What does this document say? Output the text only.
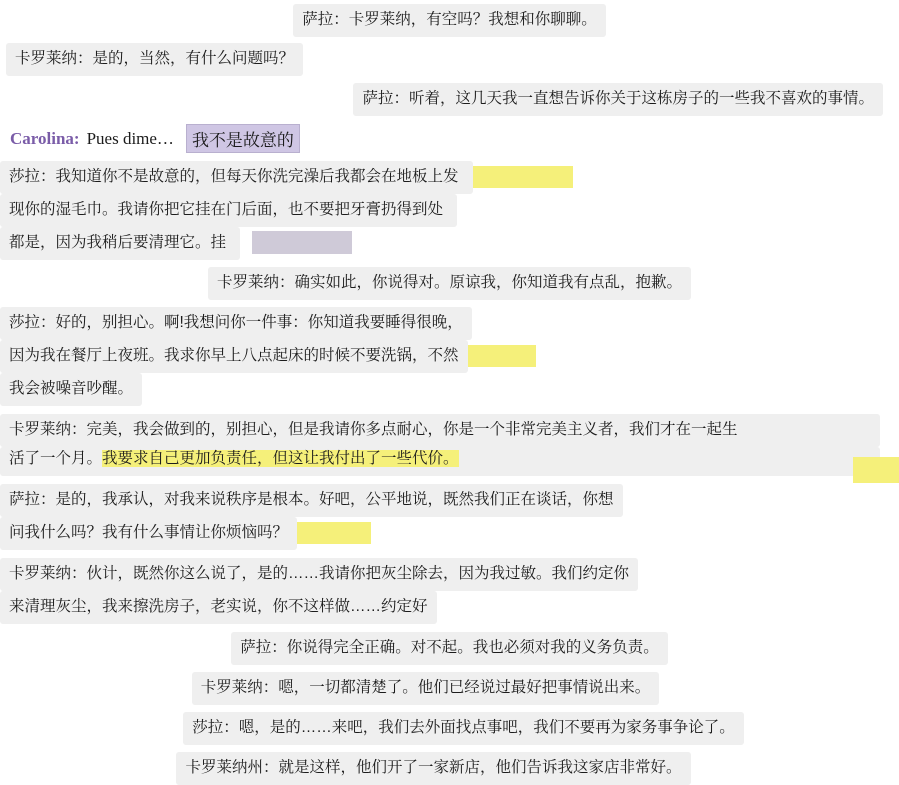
萨拉：卡罗莱纳，有空吗？我想和你聊聊。
卡罗莱纳：是的，当然，有什么问题吗？
萨拉：听着，这几天我一直想告诉你关于这栋房子的一些我不喜欢的事情。
Carolina: Pues dime…	我不是故意的
莎拉：我知道你不是故意的，但每天你洗完澡后我都会在地板上发
现你的湿毛巾。我请你把它挂在门后面，也不要把牙膏扔得到处
都是，因为我稍后要清理它。挂
卡罗莱纳：确实如此，你说得对。原谅我，你知道我有点乱，抱歉。
莎拉：好的，别担心。啊!我想问你一件事：你知道我要睡得很晚，
因为我在餐厅上夜班。我求你早上八点起床的时候不要洗锅，不然
我会被噪音吵醒。
卡罗莱纳：完美，我会做到的，别担心，但是我请你多点耐心，你是一个非常完美主义者，我们才在一起生
活了一个月。我要求自己更加负责任，但这让我付出了一些代价。
萨拉：是的，我承认，对我来说秩序是根本。好吧，公平地说，既然我们正在谈话，你想
问我什么吗？我有什么事情让你烦恼吗？
卡罗莱纳：伙计，既然你这么说了，是的……我请你把灰尘除去，因为我过敏。我们约定你
来清理灰尘，我来擦洗房子，老实说，你不这样做……约定好
萨拉：你说得完全正确。对不起。我也必须对我的义务负责。
卡罗莱纳：嗯，一切都清楚了。他们已经说过最好把事情说出来。
莎拉：嗯，是的……来吧，我们去外面找点事吧，我们不要再为家务事争论了。
卡罗莱纳州：就是这样，他们开了一家新店，他们告诉我这家店非常好。
